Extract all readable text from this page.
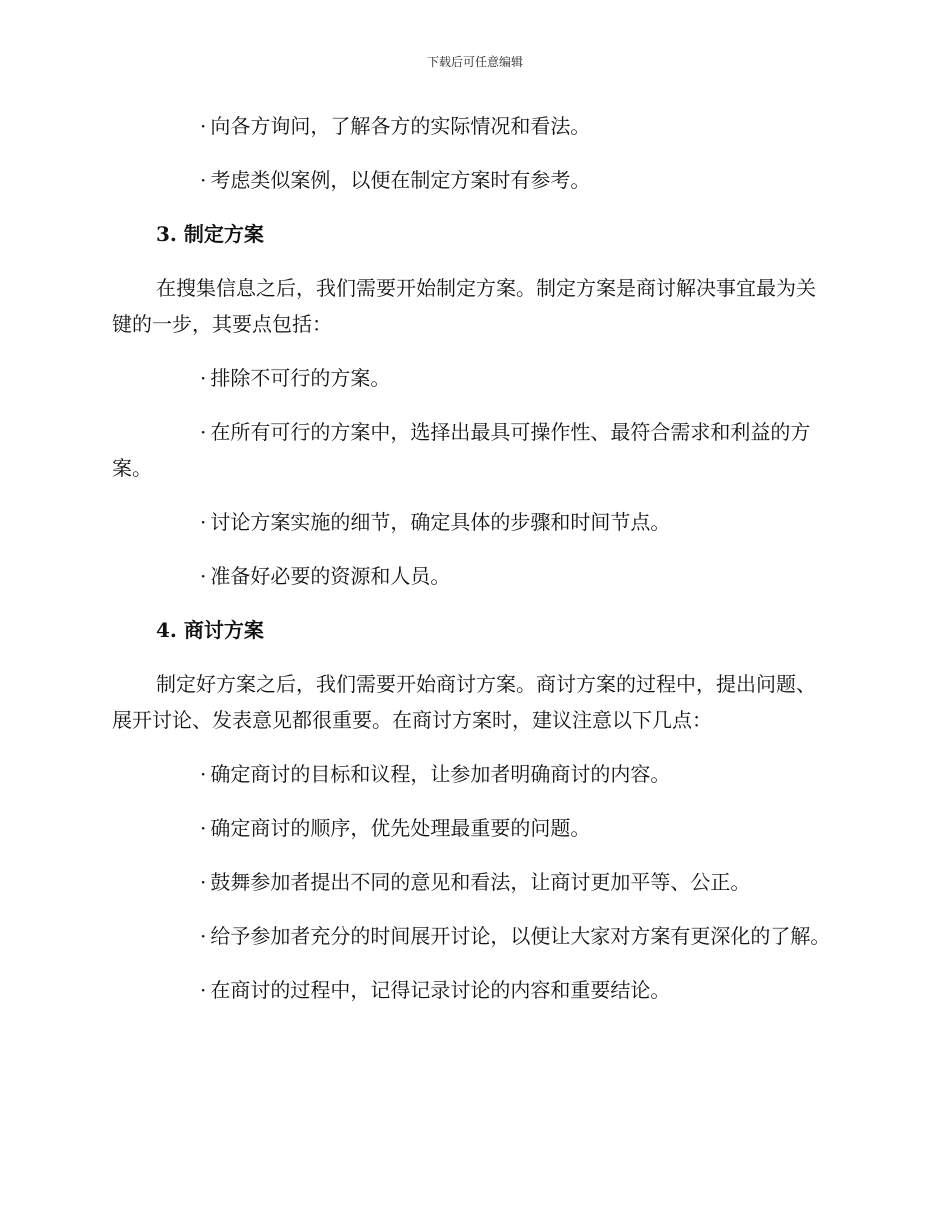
下载后可任意编辑

· 向各方询问，了解各方的实际情况和看法。

· 考虑类似案例，以便在制定方案时有参考。

3. 制定方案

在搜集信息之后，我们需要开始制定方案。制定方案是商讨解决事宜最为关键的一步，其要点包括：

· 排除不可行的方案。

· 在所有可行的方案中，选择出最具可操作性、最符合需求和利益的方案。

· 讨论方案实施的细节，确定具体的步骤和时间节点。

· 准备好必要的资源和人员。

4. 商讨方案

制定好方案之后，我们需要开始商讨方案。商讨方案的过程中，提出问题、展开讨论、发表意见都很重要。在商讨方案时，建议注意以下几点：

· 确定商讨的目标和议程，让参加者明确商讨的内容。

· 确定商讨的顺序，优先处理最重要的问题。

· 鼓舞参加者提出不同的意见和看法，让商讨更加平等、公正。

· 给予参加者充分的时间展开讨论，以便让大家对方案有更深化的了解。

· 在商讨的过程中，记得记录讨论的内容和重要结论。
